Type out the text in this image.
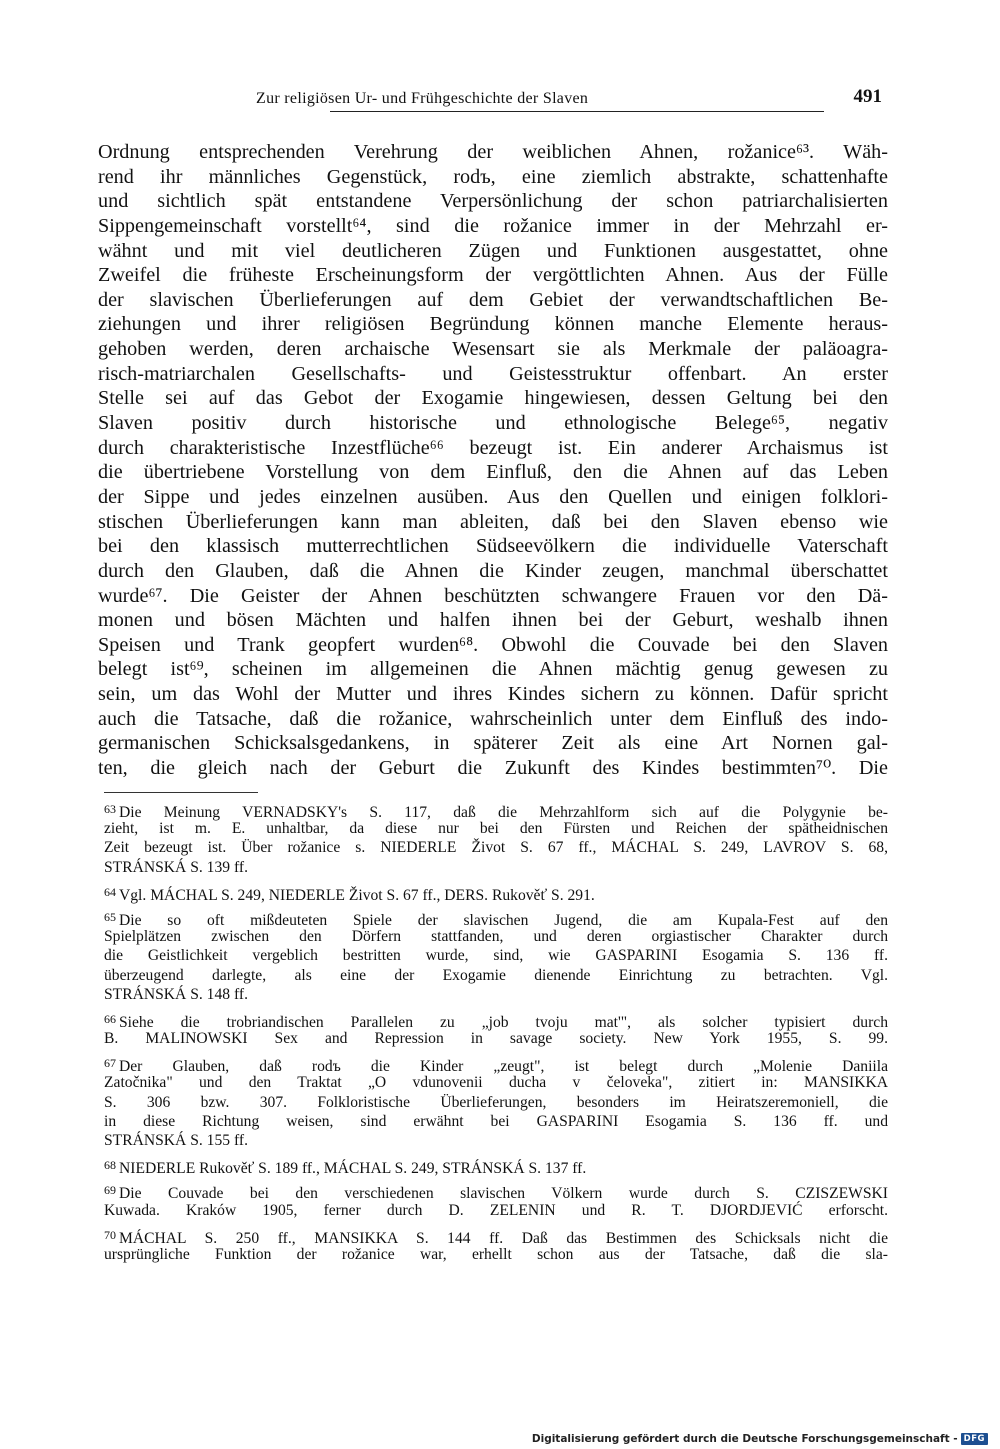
Zur religiösen Ur- und Frühgeschichte der Slaven	491
Ordnung entsprechenden Verehrung der weiblichen Ahnen, rožanice⁶³. Wäh-
rend ihr männliches Gegenstück, rodъ, eine ziemlich abstrakte, schattenhafte
und sichtlich spät entstandene Verpersönlichung der schon patriarchalisierten
Sippengemeinschaft vorstellt⁶⁴, sind die rožanice immer in der Mehrzahl er-
wähnt und mit viel deutlicheren Zügen und Funktionen ausgestattet, ohne
Zweifel die früheste Erscheinungsform der vergöttlichten Ahnen. Aus der Fülle
der slavischen Überlieferungen auf dem Gebiet der verwandtschaftlichen Be-
ziehungen und ihrer religiösen Begründung können manche Elemente heraus-
gehoben werden, deren archaische Wesensart sie als Merkmale der paläoagra-
risch-matriarchalen Gesellschafts- und Geistesstruktur offenbart. An erster
Stelle sei auf das Gebot der Exogamie hingewiesen, dessen Geltung bei den
Slaven positiv durch historische und ethnologische Belege⁶⁵, negativ
durch charakteristische Inzestflüche⁶⁶ bezeugt ist. Ein anderer Archaismus ist
die übertriebene Vorstellung von dem Einfluß, den die Ahnen auf das Leben
der Sippe und jedes einzelnen ausüben. Aus den Quellen und einigen folklori-
stischen Überlieferungen kann man ableiten, daß bei den Slaven ebenso wie
bei den klassisch mutterrechtlichen Südseevölkern die individuelle Vaterschaft
durch den Glauben, daß die Ahnen die Kinder zeugen, manchmal überschattet
wurde⁶⁷. Die Geister der Ahnen beschützten schwangere Frauen vor den Dä-
monen und bösen Mächten und halfen ihnen bei der Geburt, weshalb ihnen
Speisen und Trank geopfert wurden⁶⁸. Obwohl die Couvade bei den Slaven
belegt ist⁶⁹, scheinen im allgemeinen die Ahnen mächtig genug gewesen zu
sein, um das Wohl der Mutter und ihres Kindes sichern zu können. Dafür spricht
auch die Tatsache, daß die rožanice, wahrscheinlich unter dem Einfluß des indo-
germanischen Schicksalsgedankens, in späterer Zeit als eine Art Nornen gal-
ten, die gleich nach der Geburt die Zukunft des Kindes bestimmten⁷⁰. Die
$^{63}$ Die Meinung VERNADSKY's S. 117, daß die Mehrzahlform sich auf die Polygynie be-
zieht, ist m. E. unhaltbar, da diese nur bei den Fürsten und Reichen der spätheidnischen
Zeit bezeugt ist. Über rožanice s. NIEDERLE Život S. 67 ff., MÁCHAL S. 249, LAVROV S. 68,
STRÁNSKÁ S. 139 ff.
$^{64}$ Vgl. MÁCHAL S. 249, NIEDERLE Život S. 67 ff., DERS. Rukověť S. 291.
$^{65}$ Die so oft mißdeuteten Spiele der slavischen Jugend, die am Kupala-Fest auf den
Spielplätzen zwischen den Dörfern stattfanden, und deren orgiastischer Charakter durch
die Geistlichkeit vergeblich bestritten wurde, sind, wie GASPARINI Esogamia S. 136 ff.
überzeugend darlegte, als eine der Exogamie dienende Einrichtung zu betrachten. Vgl.
STRÁNSKÁ S. 148 ff.
$^{66}$ Siehe die trobriandischen Parallelen zu „job tvoju mat'", als solcher typisiert durch
B. MALINOWSKI Sex and Repression in savage society. New York 1955, S. 99.
$^{67}$ Der Glauben, daß rodъ die Kinder „zeugt", ist belegt durch „Molenie Daniila
Zatočnika" und den Traktat „O vdunovenii ducha v čeloveka", zitiert in: MANSIKKA
S. 306 bzw. 307. Folkloristische Überlieferungen, besonders im Heiratszeremoniell, die
in diese Richtung weisen, sind erwähnt bei GASPARINI Esogamia S. 136 ff. und
STRÁNSKÁ S. 155 ff.
$^{68}$ NIEDERLE Rukověť S. 189 ff., MÁCHAL S. 249, STRÁNSKÁ S. 137 ff.
$^{69}$ Die Couvade bei den verschiedenen slavischen Völkern wurde durch S. CZISZEWSKI
Kuwada. Kraków 1905, ferner durch D. ZELENIN und R. T. DJORDJEVIĆ erforscht.
$^{70}$ MÁCHAL S. 250 ff., MANSIKKA S. 144 ff. Daß das Bestimmen des Schicksals nicht die
ursprüngliche Funktion der rožanice war, erhellt schon aus der Tatsache, daß die sla-
Digitalisierung gefördert durch die Deutsche Forschungsgemeinschaft - DFG
